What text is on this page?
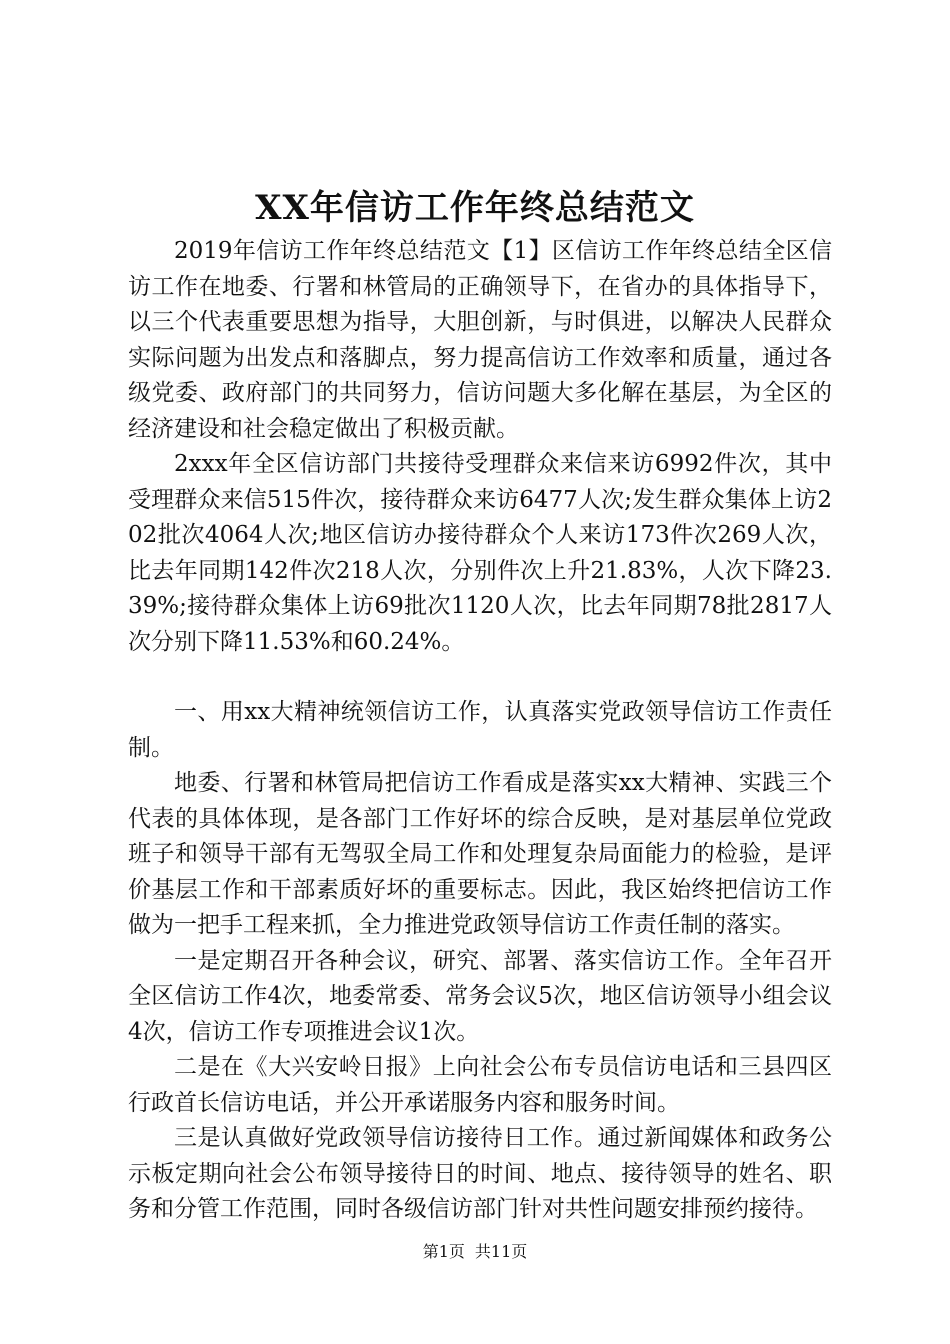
XX年信访工作年终总结范文

2019年信访工作年终总结范文【1】区信访工作年终总结全区信访工作在地委、行署和林管局的正确领导下，在省办的具体指导下，以三个代表重要思想为指导，大胆创新，与时俱进，以解决人民群众实际问题为出发点和落脚点，努力提高信访工作效率和质量，通过各级党委、政府部门的共同努力，信访问题大多化解在基层，为全区的经济建设和社会稳定做出了积极贡献。

2xxx年全区信访部门共接待受理群众来信来访6992件次，其中受理群众来信515件次，接待群众来访6477人次;发生群众集体上访202批次4064人次;地区信访办接待群众个人来访173件次269人次，比去年同期142件次218人次，分别件次上升21.83%，人次下降23.39%;接待群众集体上访69批次1120人次，比去年同期78批2817人次分别下降11.53%和60.24%。

一、用xx大精神统领信访工作，认真落实党政领导信访工作责任制。

地委、行署和林管局把信访工作看成是落实xx大精神、实践三个代表的具体体现，是各部门工作好坏的综合反映，是对基层单位党政班子和领导干部有无驾驭全局工作和处理复杂局面能力的检验，是评价基层工作和干部素质好坏的重要标志。因此，我区始终把信访工作做为一把手工程来抓，全力推进党政领导信访工作责任制的落实。

一是定期召开各种会议，研究、部署、落实信访工作。全年召开全区信访工作4次，地委常委、常务会议5次，地区信访领导小组会议4次，信访工作专项推进会议1次。

二是在《大兴安岭日报》上向社会公布专员信访电话和三县四区行政首长信访电话，并公开承诺服务内容和服务时间。

三是认真做好党政领导信访接待日工作。通过新闻媒体和政务公示板定期向社会公布领导接待日的时间、地点、接待领导的姓名、职务和分管工作范围，同时各级信访部门针对共性问题安排预约接待。

第1页 共11页
